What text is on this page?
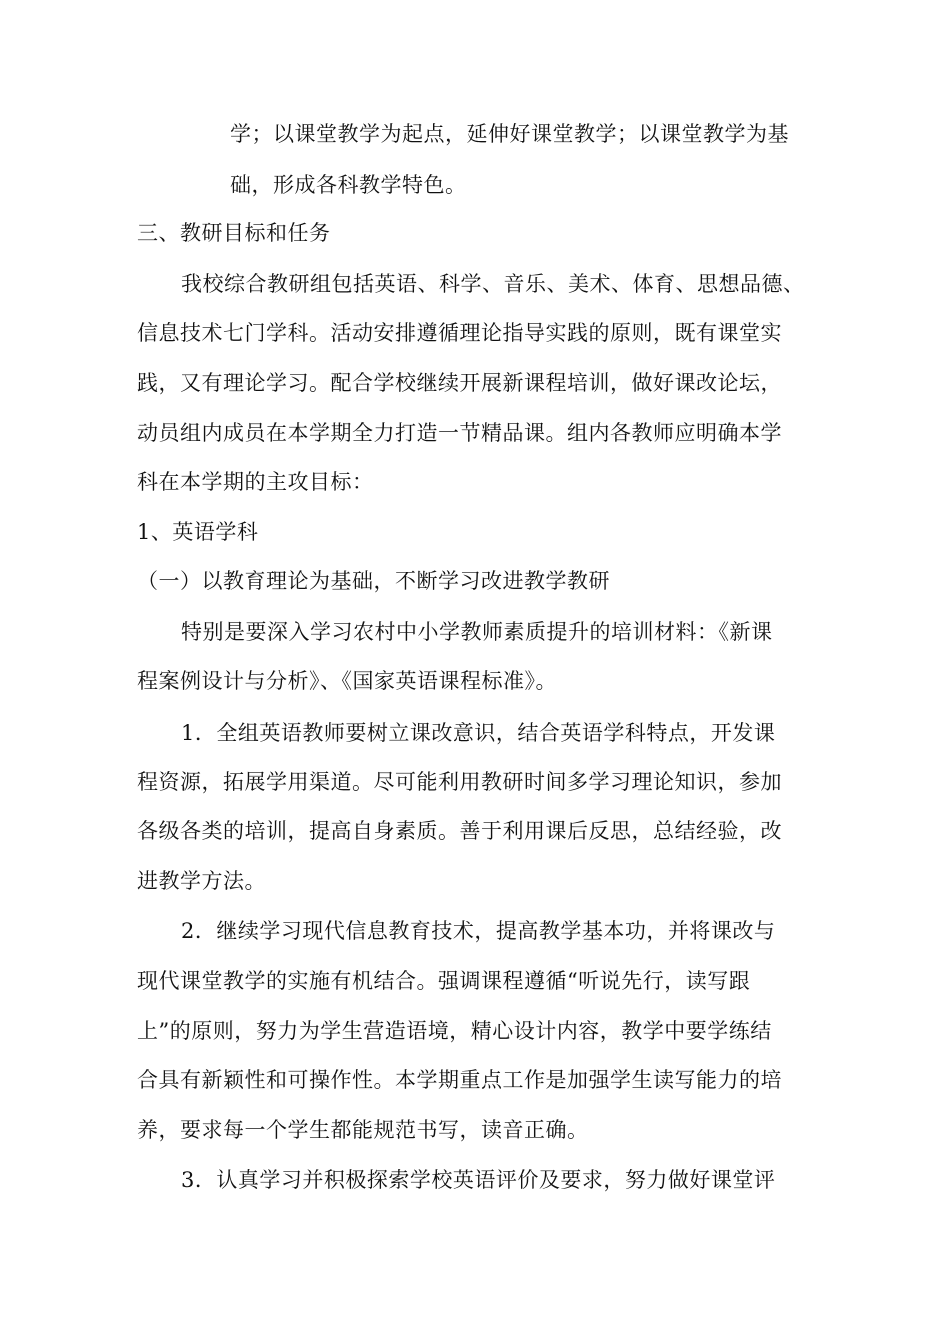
学；以课堂教学为起点，延伸好课堂教学；以课堂教学为基

础，形成各科教学特色。

三、教研目标和任务

我校综合教研组包括英语、科学、音乐、美术、体育、思想品德、

信息技术七门学科。活动安排遵循理论指导实践的原则，既有课堂实

践，又有理论学习。配合学校继续开展新课程培训，做好课改论坛，

动员组内成员在本学期全力打造一节精品课。组内各教师应明确本学

科在本学期的主攻目标：

1、英语学科

（一）以教育理论为基础，不断学习改进教学教研

特别是要深入学习农村中小学教师素质提升的培训材料：《新课

程案例设计与分析》、《国家英语课程标准》。

1．全组英语教师要树立课改意识，结合英语学科特点，开发课

程资源，拓展学用渠道。尽可能利用教研时间多学习理论知识，参加

各级各类的培训，提高自身素质。善于利用课后反思，总结经验，改

进教学方法。

2．继续学习现代信息教育技术，提高教学基本功，并将课改与

现代课堂教学的实施有机结合。强调课程遵循“听说先行，读写跟

上”的原则，努力为学生营造语境，精心设计内容，教学中要学练结

合具有新颖性和可操作性。本学期重点工作是加强学生读写能力的培

养，要求每一个学生都能规范书写，读音正确。

3．认真学习并积极探索学校英语评价及要求，努力做好课堂评
